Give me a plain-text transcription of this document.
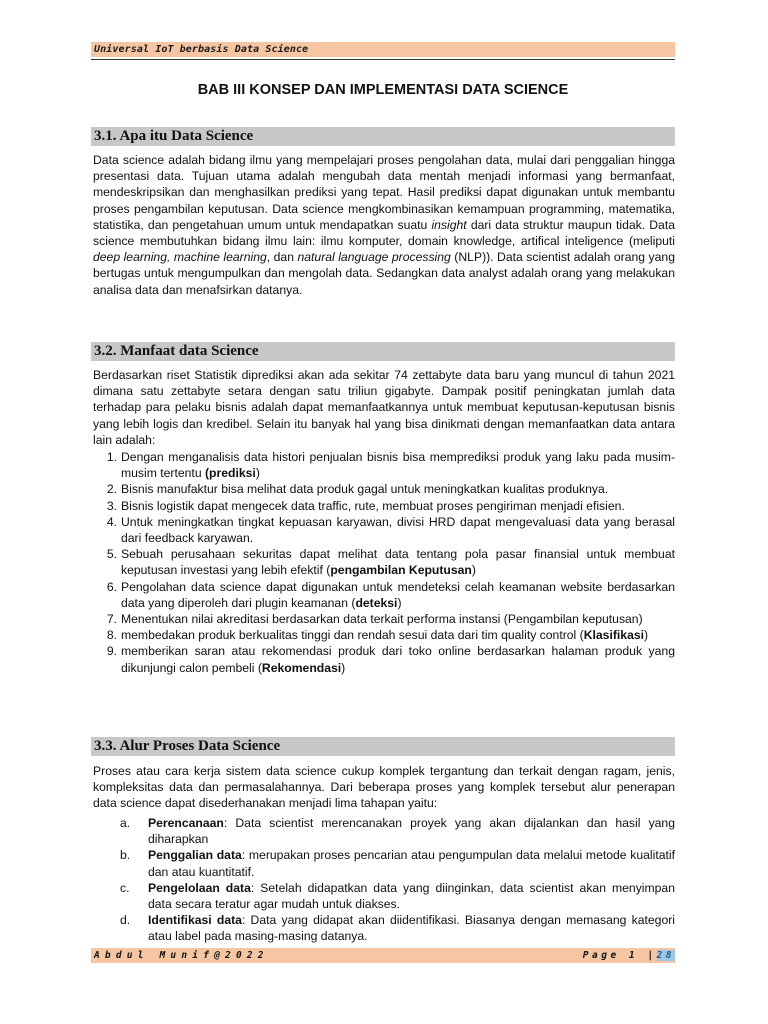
Universal IoT berbasis Data Science
BAB III KONSEP DAN IMPLEMENTASI DATA SCIENCE
3.1. Apa itu Data Science

Data science adalah bidang ilmu yang mempelajari proses pengolahan data, mulai dari penggalian hingga presentasi data. Tujuan utama adalah mengubah data mentah menjadi informasi yang bermanfaat, mendeskripsikan dan menghasilkan prediksi yang tepat. Hasil prediksi dapat digunakan untuk membantu proses pengambilan keputusan. Data science mengkombinasikan kemampuan programming, matematika, statistika, dan pengetahuan umum untuk mendapatkan suatu insight dari data struktur maupun tidak. Data science membutuhkan bidang ilmu lain: ilmu komputer, domain knowledge, artifical inteligence (meliputi deep learning, machine learning, dan natural language processing (NLP)). Data scientist adalah orang yang bertugas untuk mengumpulkan dan mengolah data. Sedangkan data analyst adalah orang yang melakukan analisa data dan menafsirkan datanya.

3.2. Manfaat data Science

Berdasarkan riset Statistik diprediksi akan ada sekitar 74 zettabyte data baru yang muncul di tahun 2021 dimana satu zettabyte setara dengan satu triliun gigabyte. Dampak positif peningkatan jumlah data terhadap para pelaku bisnis adalah dapat memanfaatkannya untuk membuat keputusan-keputusan bisnis yang lebih logis dan kredibel. Selain itu banyak hal yang bisa dinikmati dengan memanfaatkan data antara lain adalah:

1. Dengan menganalisis data histori penjualan bisnis bisa memprediksi produk yang laku pada musim-musim tertentu (prediksi)
2. Bisnis manufaktur bisa melihat data produk gagal untuk meningkatkan kualitas produknya.
3. Bisnis logistik dapat mengecek data traffic, rute, membuat proses pengiriman menjadi efisien.
4. Untuk meningkatkan tingkat kepuasan karyawan, divisi HRD dapat mengevaluasi data yang berasal dari feedback karyawan.
5. Sebuah perusahaan sekuritas dapat melihat data tentang pola pasar finansial untuk membuat keputusan investasi yang lebih efektif (pengambilan Keputusan)
6. Pengolahan data science dapat digunakan untuk mendeteksi celah keamanan website berdasarkan data yang diperoleh dari plugin keamanan (deteksi)
7. Menentukan nilai akreditasi berdasarkan data terkait performa instansi (Pengambilan keputusan)
8. membedakan produk berkualitas tinggi dan rendah sesui data dari tim quality control (Klasifikasi)
9. memberikan saran atau rekomendasi produk dari toko online berdasarkan halaman produk yang dikunjungi calon pembeli (Rekomendasi)
3.3. Alur Proses Data Science

Proses atau cara kerja sistem data science cukup komplek tergantung dan terkait dengan ragam, jenis, kompleksitas data dan permasalahannya. Dari beberapa proses yang komplek tersebut alur penerapan data science dapat disederhanakan menjadi lima tahapan yaitu:

a.	Perencanaan: Data scientist merencanakan proyek yang akan dijalankan dan hasil yang diharapkan
b.	Penggalian data: merupakan proses pencarian atau pengumpulan data melalui metode kualitatif dan atau kuantitatif.
c.	Pengelolaan data: Setelah didapatkan data yang diinginkan, data scientist akan menyimpan data secara teratur agar mudah untuk diakses.
d.	Identifikasi data: Data yang didapat akan diidentifikasi. Biasanya dengan memasang kategori atau label pada masing-masing datanya.
Abdul Munif@2022	Page 1 |28
